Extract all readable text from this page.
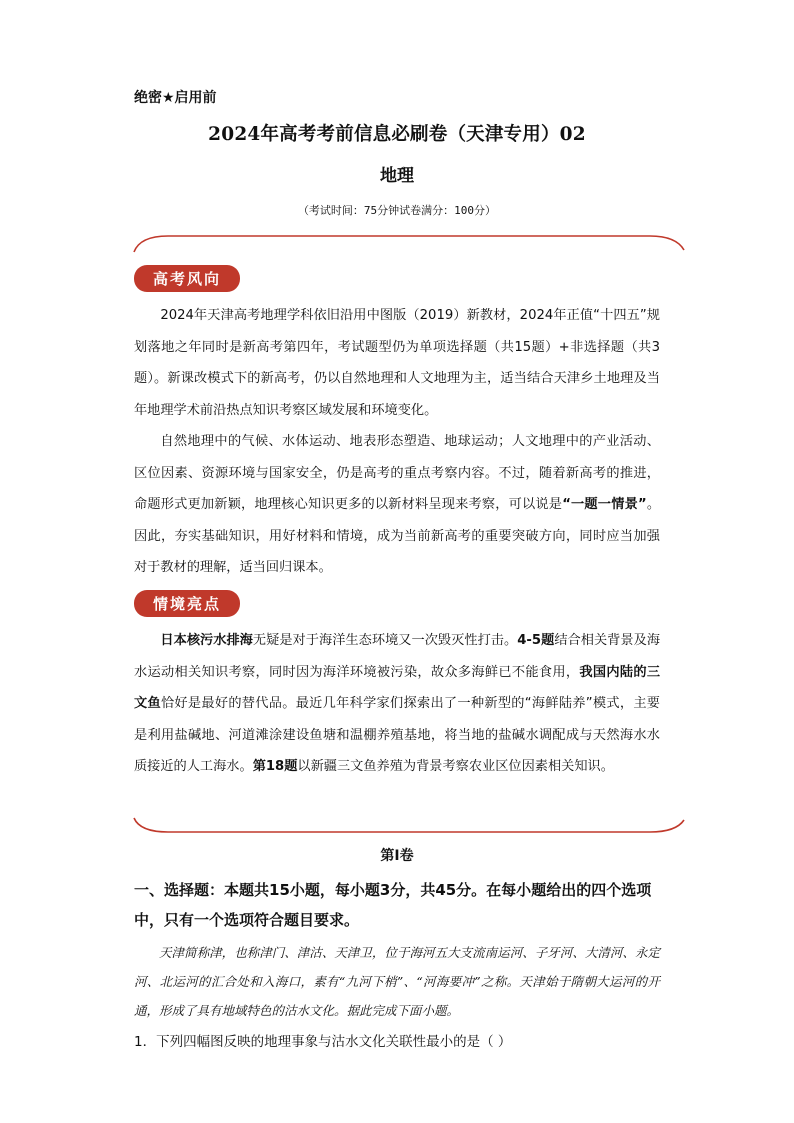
绝密★启用前
2024年高考考前信息必刷卷（天津专用）02
地理
（考试时间：75分钟试卷满分：100分）
高考风向

2024年天津高考地理学科依旧沿用中图版（2019）新教材，2024年正值“十四五”规划落地之年同时是新高考第四年，考试题型仍为单项选择题（共15题）+非选择题（共3题）。新课改模式下的新高考，仍以自然地理和人文地理为主，适当结合天津乡土地理及当年地理学术前沿热点知识考察区域发展和环境变化。

自然地理中的气候、水体运动、地表形态塑造、地球运动；人文地理中的产业活动、区位因素、资源环境与国家安全，仍是高考的重点考察内容。不过，随着新高考的推进，命题形式更加新颖，地理核心知识更多的以新材料呈现来考察，可以说是“一题一情景”。因此，夯实基础知识，用好材料和情境，成为当前新高考的重要突破方向，同时应当加强对于教材的理解，适当回归课本。

情境亮点

日本核污水排海无疑是对于海洋生态环境又一次毁灭性打击。4-5题结合相关背景及海水运动相关知识考察，同时因为海洋环境被污染，故众多海鲜已不能食用，我国内陆的三文鱼恰好是最好的替代品。最近几年科学家们探索出了一种新型的“海鲜陆养”模式，主要是利用盐碱地、河道滩涂建设鱼塘和温棚养殖基地，将当地的盐碱水调配成与天然海水水质接近的人工海水。第18题以新疆三文鱼养殖为背景考察农业区位因素相关知识。

第I卷
一、选择题：本题共15小题，每小题3分，共45分。在每小题给出的四个选项中，只有一个选项符合题目要求。

天津简称津，也称津门、津沽、天津卫，位于海河五大支流南运河、子牙河、大清河、永定河、北运河的汇合处和入海口，素有“九河下梢”、“河海要冲”之称。天津始于隋朝大运河的开通，形成了具有地域特色的沽水文化。据此完成下面小题。

1．下列四幅图反映的地理事象与沽水文化关联性最小的是（ ）
